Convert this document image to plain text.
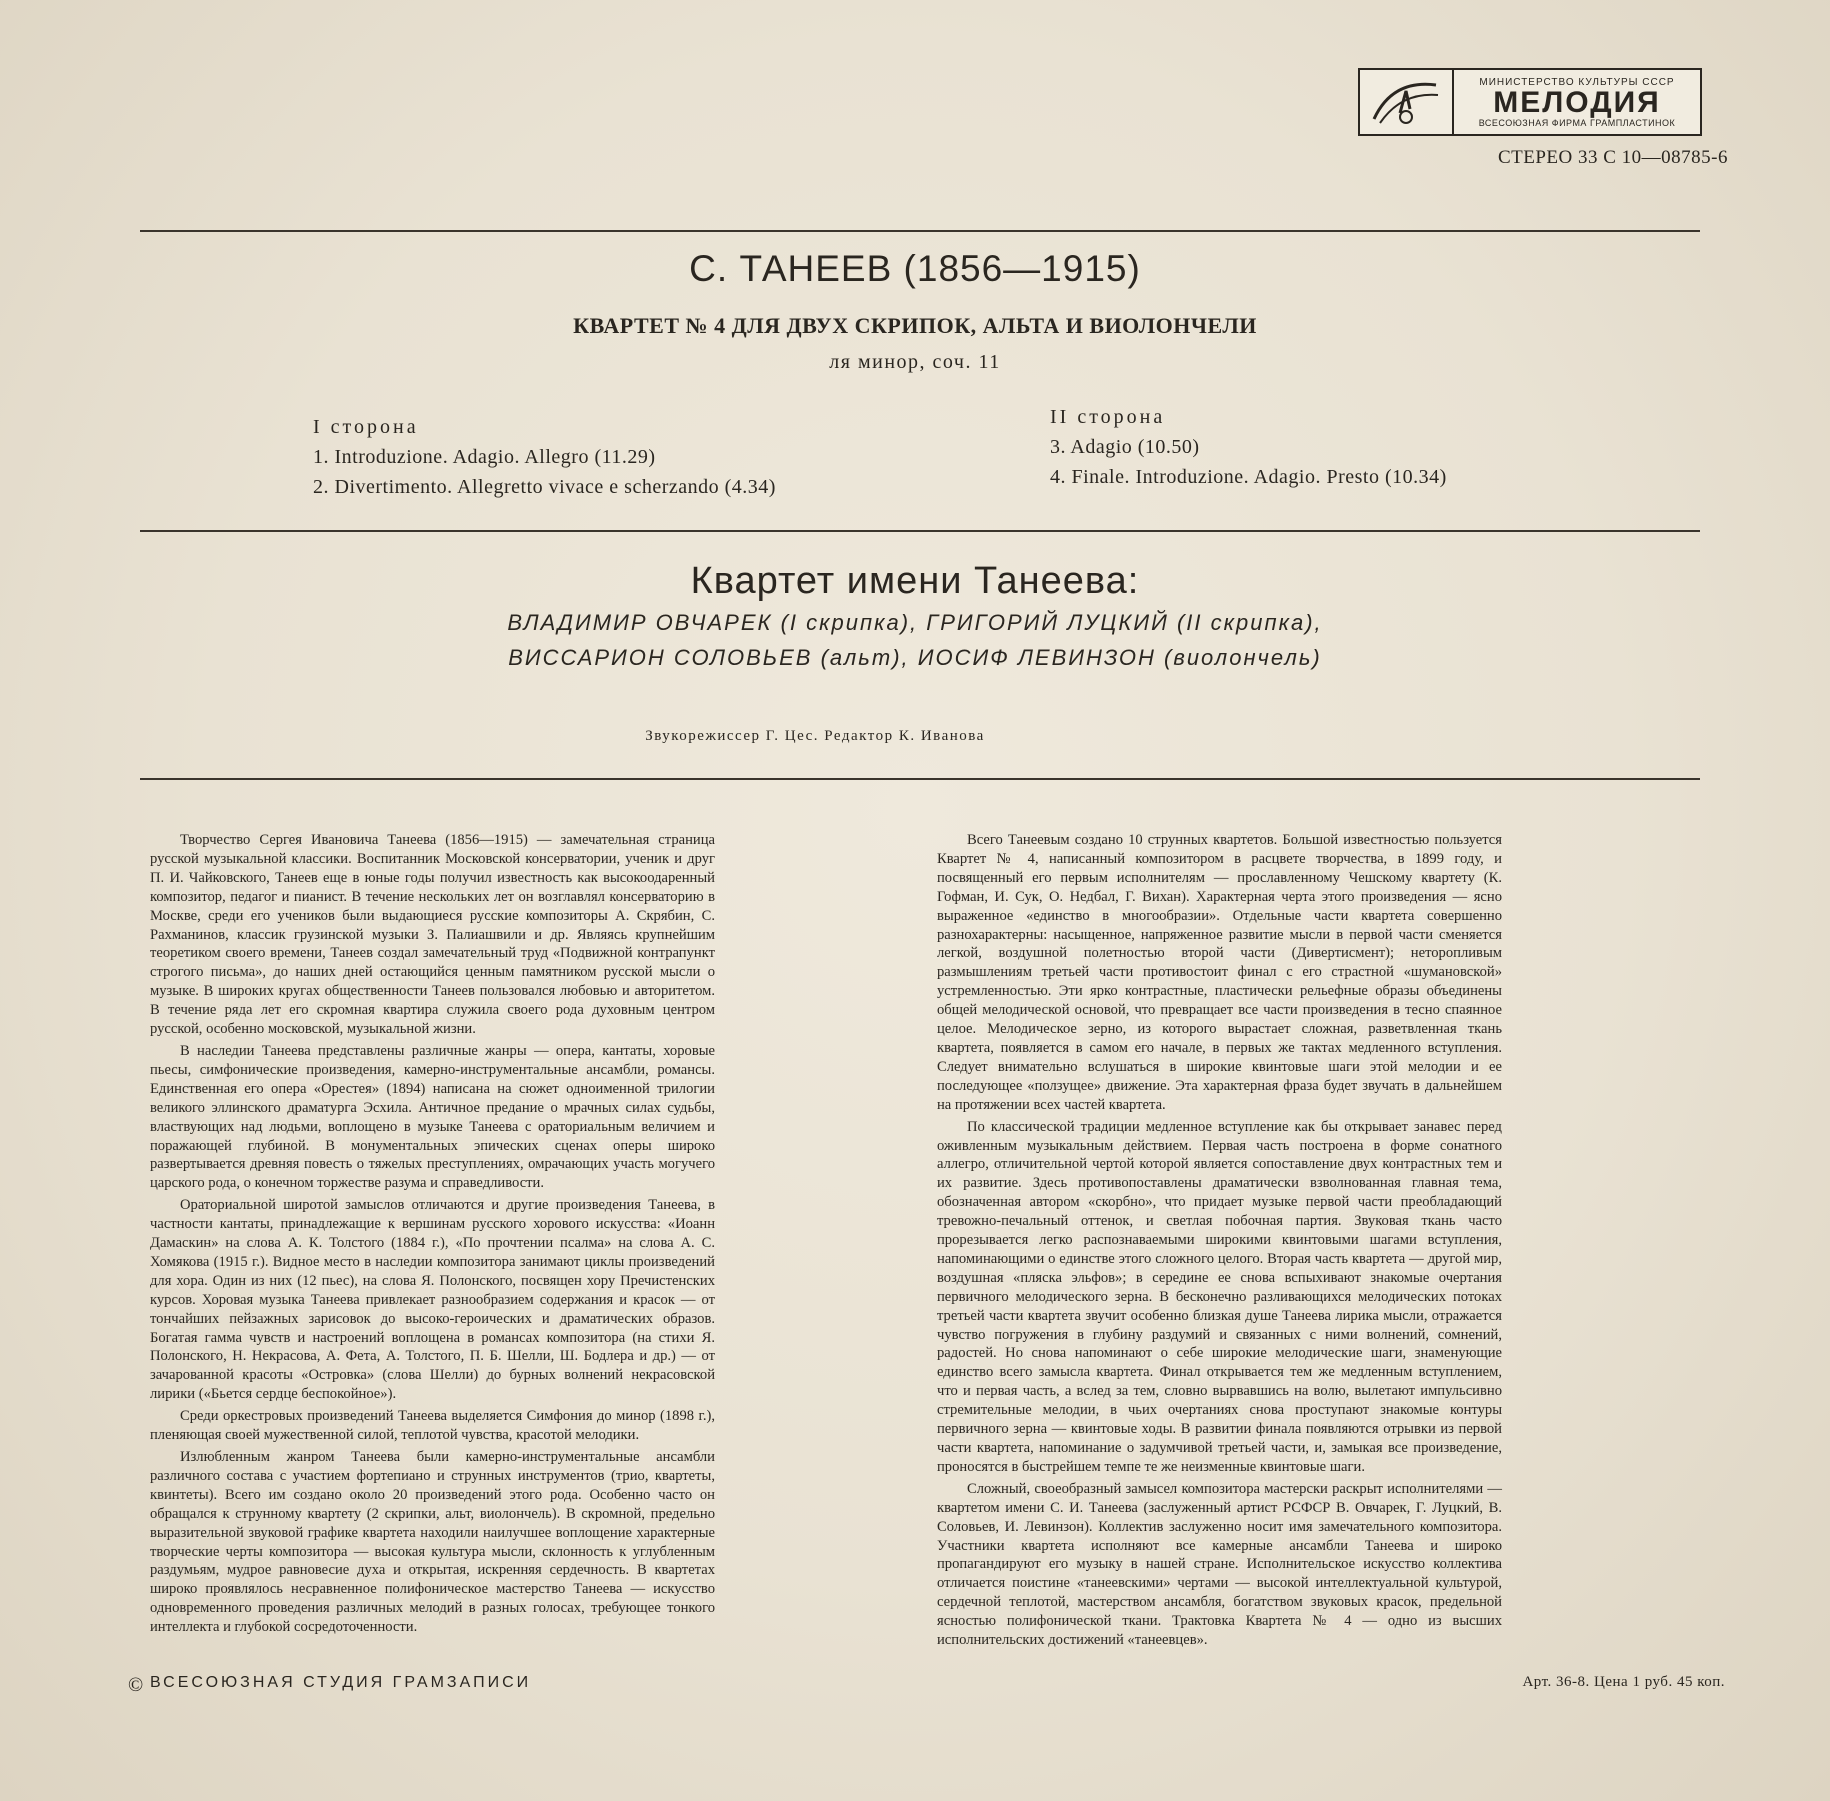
МИНИСТЕРСТВО КУЛЬТУРЫ СССР
МЕЛОДИЯ
ВСЕСОЮЗНАЯ ФИРМА ГРАМПЛАСТИНОК
СТЕРЕО 33 С 10—08785-6
С. ТАНЕЕВ (1856—1915)
КВАРТЕТ № 4 ДЛЯ ДВУХ СКРИПОК, АЛЬТА И ВИОЛОНЧЕЛИ
ля минор, соч. 11
I сторона
1. Introduzione. Adagio. Allegro (11.29)
2. Divertimento. Allegretto vivace e scherzando (4.34)
II сторона
3. Adagio (10.50)
4. Finale. Introduzione. Adagio. Presto (10.34)
Квартет имени Танеева:
ВЛАДИМИР ОВЧАРЕК (I скрипка), ГРИГОРИЙ ЛУЦКИЙ (II скрипка),
ВИССАРИОН СОЛОВЬЕВ (альт), ИОСИФ ЛЕВИНЗОН (виолончель)
Звукорежиссер Г. Цес. Редактор К. Иванова

Творчество Сергея Ивановича Танеева (1856—1915) — замечательная страница русской музыкальной классики. Воспитанник Московской консерватории, ученик и друг П. И. Чайковского, Танеев еще в юные годы получил известность как высокоодаренный композитор, педагог и пианист. В течение нескольких лет он возглавлял консерваторию в Москве, среди его учеников были выдающиеся русские композиторы А. Скрябин, С. Рахманинов, классик грузинской музыки З. Палиашвили и др. Являясь крупнейшим теоретиком своего времени, Танеев создал замечательный труд «Подвижной контрапункт строгого письма», до наших дней остающийся ценным памятником русской мысли о музыке. В широких кругах общественности Танеев пользовался любовью и авторитетом. В течение ряда лет его скромная квартира служила своего рода духовным центром русской, особенно московской, музыкальной жизни.

В наследии Танеева представлены различные жанры — опера, кантаты, хоровые пьесы, симфонические произведения, камерно-инструментальные ансамбли, романсы. Единственная его опера «Орестея» (1894) написана на сюжет одноименной трилогии великого эллинского драматурга Эсхила. Античное предание о мрачных силах судьбы, властвующих над людьми, воплощено в музыке Танеева с ораториальным величием и поражающей глубиной. В монументальных эпических сценах оперы широко развертывается древняя повесть о тяжелых преступлениях, омрачающих участь могучего царского рода, о конечном торжестве разума и справедливости.

Ораториальной широтой замыслов отличаются и другие произведения Танеева, в частности кантаты, принадлежащие к вершинам русского хорового искусства: «Иоанн Дамаскин» на слова А. К. Толстого (1884 г.), «По прочтении псалма» на слова А. С. Хомякова (1915 г.). Видное место в наследии композитора занимают циклы произведений для хора. Один из них (12 пьес), на слова Я. Полонского, посвящен хору Пречистенских курсов. Хоровая музыка Танеева привлекает разнообразием содержания и красок — от тончайших пейзажных зарисовок до высоко-героических и драматических образов. Богатая гамма чувств и настроений воплощена в романсах композитора (на стихи Я. Полонского, Н. Некрасова, А. Фета, А. Толстого, П. Б. Шелли, Ш. Бодлера и др.) — от зачарованной красоты «Островка» (слова Шелли) до бурных волнений некрасовской лирики («Бьется сердце беспокойное»).

Среди оркестровых произведений Танеева выделяется Симфония до минор (1898 г.), пленяющая своей мужественной силой, теплотой чувства, красотой мелодики.

Излюбленным жанром Танеева были камерно-инструментальные ансамбли различного состава с участием фортепиано и струнных инструментов (трио, квартеты, квинтеты). Всего им создано около 20 произведений этого рода. Особенно часто он обращался к струнному квартету (2 скрипки, альт, виолончель). В скромной, предельно выразительной звуковой графике квартета находили наилучшее воплощение характерные творческие черты композитора — высокая культура мысли, склонность к углубленным раздумьям, мудрое равновесие духа и открытая, искренняя сердечность. В квартетах широко проявлялось несравненное полифоническое мастерство Танеева — искусство одновременного проведения различных мелодий в разных голосах, требующее тонкого интеллекта и глубокой сосредоточенности.

Всего Танеевым создано 10 струнных квартетов. Большой известностью пользуется Квартет № 4, написанный композитором в расцвете творчества, в 1899 году, и посвященный его первым исполнителям — прославленному Чешскому квартету (К. Гофман, И. Сук, О. Недбал, Г. Вихан). Характерная черта этого произведения — ясно выраженное «единство в многообразии». Отдельные части квартета совершенно разнохарактерны: насыщенное, напряженное развитие мысли в первой части сменяется легкой, воздушной полетностью второй части (Дивертисмент); неторопливым размышлениям третьей части противостоит финал с его страстной «шумановской» устремленностью. Эти ярко контрастные, пластически рельефные образы объединены общей мелодической основой, что превращает все части произведения в тесно спаянное целое. Мелодическое зерно, из которого вырастает сложная, разветвленная ткань квартета, появляется в самом его начале, в первых же тактах медленного вступления. Следует внимательно вслушаться в широкие квинтовые шаги этой мелодии и ее последующее «ползущее» движение. Эта характерная фраза будет звучать в дальнейшем на протяжении всех частей квартета.

По классической традиции медленное вступление как бы открывает занавес перед оживленным музыкальным действием. Первая часть построена в форме сонатного аллегро, отличительной чертой которой является сопоставление двух контрастных тем и их развитие. Здесь противопоставлены драматически взволнованная главная тема, обозначенная автором «скорбно», что придает музыке первой части преобладающий тревожно-печальный оттенок, и светлая побочная партия. Звуковая ткань часто прорезывается легко распознаваемыми широкими квинтовыми шагами вступления, напоминающими о единстве этого сложного целого. Вторая часть квартета — другой мир, воздушная «пляска эльфов»; в середине ее снова вспыхивают знакомые очертания первичного мелодического зерна. В бесконечно разливающихся мелодических потоках третьей части квартета звучит особенно близкая душе Танеева лирика мысли, отражается чувство погружения в глубину раздумий и связанных с ними волнений, сомнений, радостей. Но снова напоминают о себе широкие мелодические шаги, знаменующие единство всего замысла квартета. Финал открывается тем же медленным вступлением, что и первая часть, а вслед за тем, словно вырвавшись на волю, вылетают импульсивно стремительные мелодии, в чьих очертаниях снова проступают знакомые контуры первичного зерна — квинтовые ходы. В развитии финала появляются отрывки из первой части квартета, напоминание о задумчивой третьей части, и, замыкая все произведение, проносятся в быстрейшем темпе те же неизменные квинтовые шаги.

Сложный, своеобразный замысел композитора мастерски раскрыт исполнителями — квартетом имени С. И. Танеева (заслуженный артист РСФСР В. Овчарек, Г. Луцкий, В. Соловьев, И. Левинзон). Коллектив заслуженно носит имя замечательного композитора. Участники квартета исполняют все камерные ансамбли Танеева и широко пропагандируют его музыку в нашей стране. Исполнительское искусство коллектива отличается поистине «танеевскими» чертами — высокой интеллектуальной культурой, сердечной теплотой, мастерством ансамбля, богатством звуковых красок, предельной ясностью полифонической ткани. Трактовка Квартета № 4 — одно из высших исполнительских достижений «танеевцев».

© ВСЕСОЮЗНАЯ СТУДИЯ ГРАМЗАПИСИ	Арт. 36-8. Цена 1 руб. 45 коп.
